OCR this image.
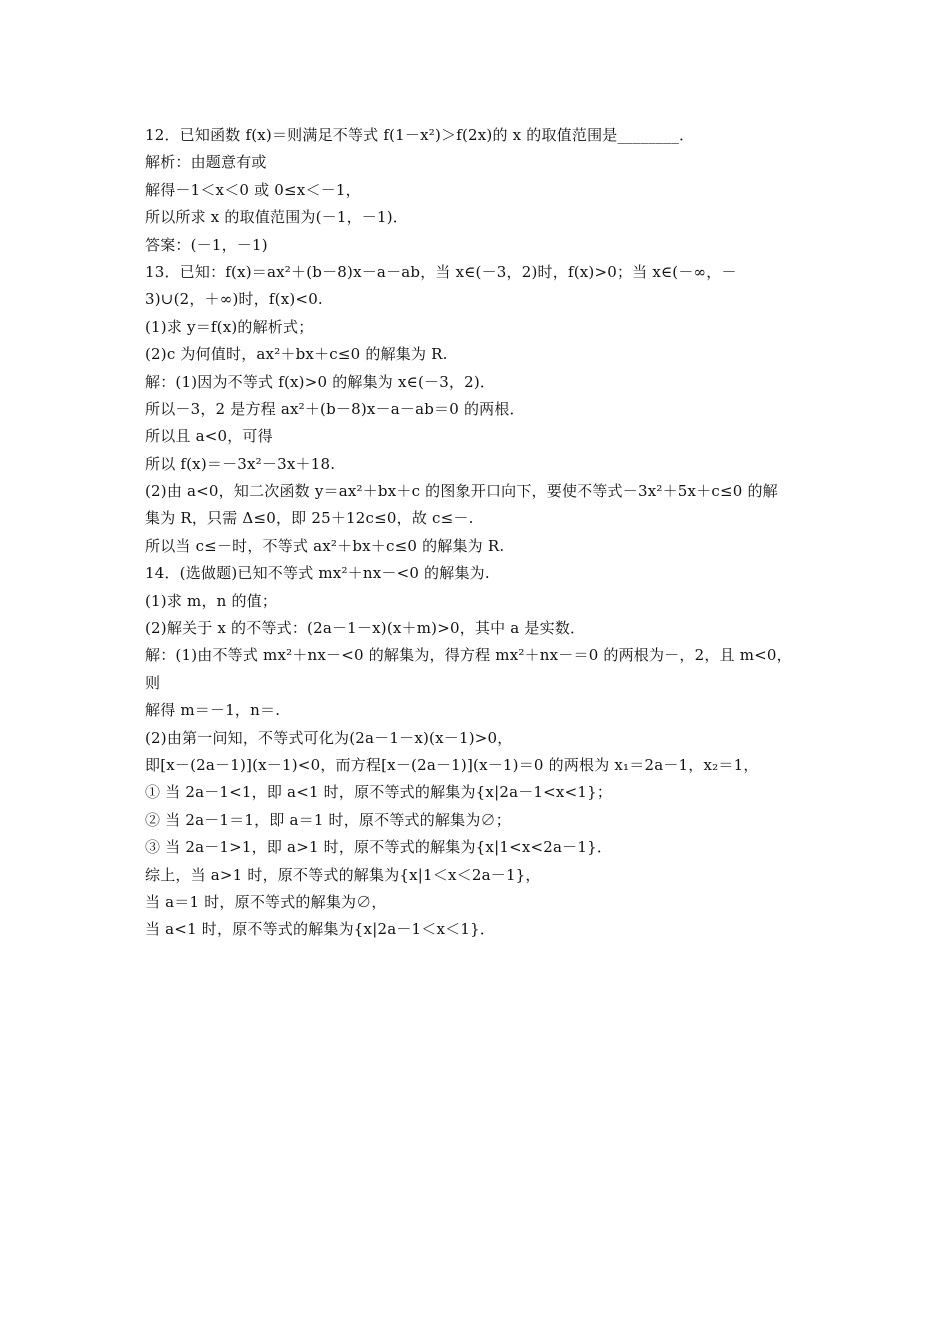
12．已知函数 f(x)＝则满足不等式 f(1－x²)＞f(2x)的 x 的取值范围是________．
解析：由题意有或
解得－1＜x＜0 或 0≤x＜－1，
所以所求 x 的取值范围为(－1，－1)．
答案：(－1，－1)
13．已知：f(x)＝ax²＋(b－8)x－a－ab，当 x∈(－3，2)时，f(x)>0；当 x∈(－∞，－
3)∪(2，＋∞)时，f(x)<0.
(1)求 y＝f(x)的解析式；
(2)c 为何值时，ax²＋bx＋c≤0 的解集为 R.
解：(1)因为不等式 f(x)>0 的解集为 x∈(－3，2)．
所以－3，2 是方程 ax²＋(b－8)x－a－ab＝0 的两根．
所以且 a<0，可得
所以 f(x)＝－3x²－3x＋18.
(2)由 a<0，知二次函数 y＝ax²＋bx＋c 的图象开口向下，要使不等式－3x²＋5x＋c≤0 的解
集为 R，只需 Δ≤0，即 25＋12c≤0，故 c≤－.
所以当 c≤－时，不等式 ax²＋bx＋c≤0 的解集为 R.
14．(选做题)已知不等式 mx²＋nx－<0 的解集为.
(1)求 m，n 的值；
(2)解关于 x 的不等式：(2a－1－x)(x＋m)>0，其中 a 是实数．
解：(1)由不等式 mx²＋nx－<0 的解集为，得方程 mx²＋nx－＝0 的两根为－，2，且 m<0，
则
解得 m＝－1，n＝.
(2)由第一问知，不等式可化为(2a－1－x)(x－1)>0，
即[x－(2a－1)](x－1)<0，而方程[x－(2a－1)](x－1)＝0 的两根为 x₁＝2a－1，x₂＝1，
① 当 2a－1<1，即 a<1 时，原不等式的解集为{x|2a－1<x<1}；
② 当 2a－1＝1，即 a＝1 时，原不等式的解集为∅；
③ 当 2a－1>1，即 a>1 时，原不等式的解集为{x|1<x<2a－1}．
综上，当 a>1 时，原不等式的解集为{x|1＜x＜2a－1}，
当 a＝1 时，原不等式的解集为∅，
当 a<1 时，原不等式的解集为{x|2a－1＜x＜1}．
